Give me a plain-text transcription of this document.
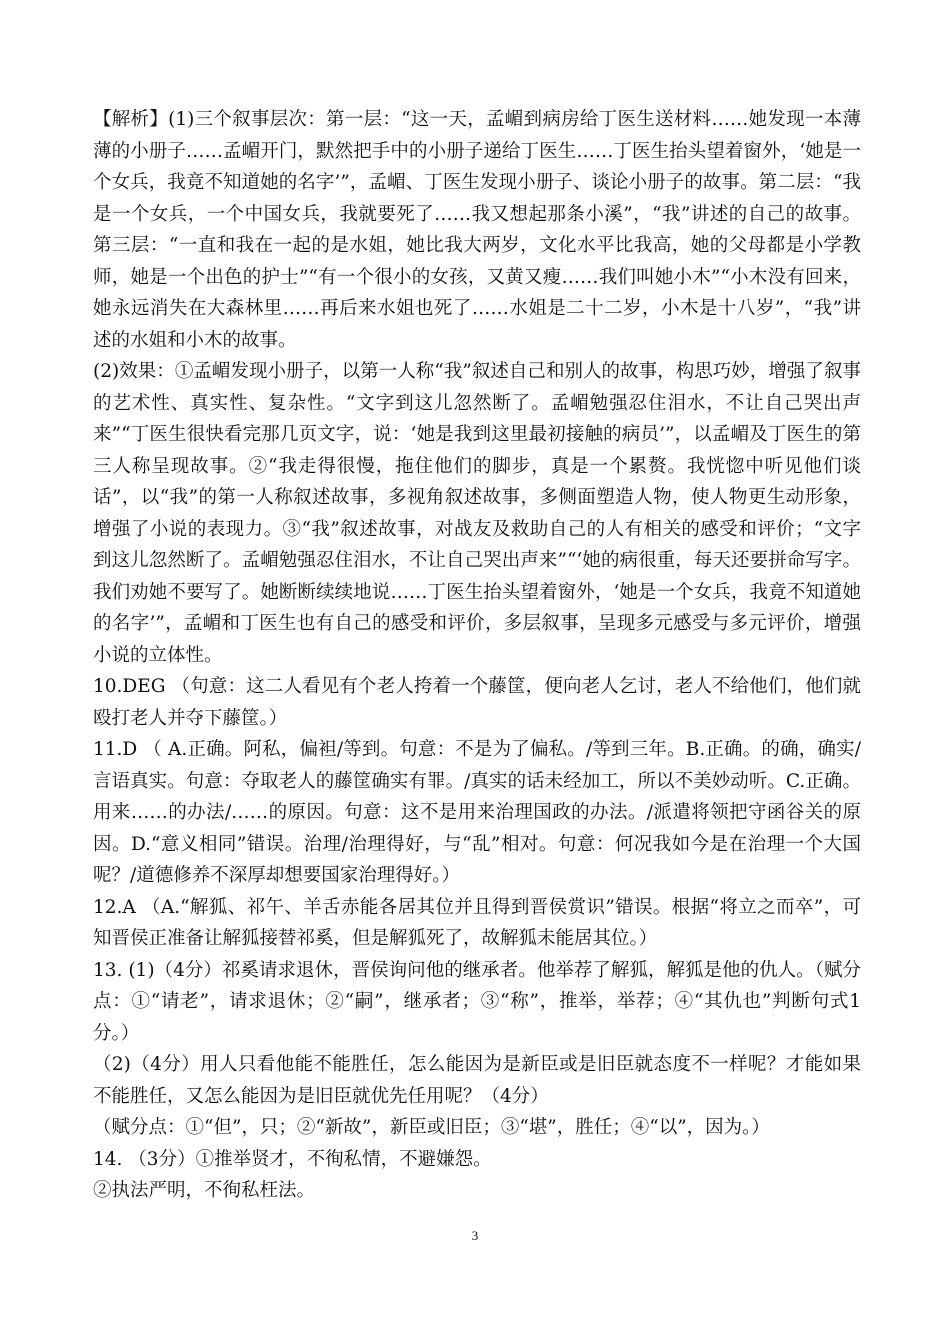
【解析】(1)三个叙事层次：第一层：“这一天，孟嵋到病房给丁医生送材料……她发现一本薄薄的小册子……孟嵋开门，默然把手中的小册子递给丁医生……丁医生抬头望着窗外，‘她是一个女兵，我竟不知道她的名字’”，孟嵋、丁医生发现小册子、谈论小册子的故事。第二层：“我是一个女兵，一个中国女兵，我就要死了……我又想起那条小溪”，“我”讲述的自己的故事。第三层：“一直和我在一起的是水姐，她比我大两岁，文化水平比我高，她的父母都是小学教师，她是一个出色的护士”“有一个很小的女孩，又黄又瘦……我们叫她小木”“小木没有回来，她永远消失在大森林里……再后来水姐也死了……水姐是二十二岁，小木是十八岁”，“我”讲述的水姐和小木的故事。

(2)效果：①孟嵋发现小册子，以第一人称“我”叙述自己和别人的故事，构思巧妙，增强了叙事的艺术性、真实性、复杂性。“文字到这儿忽然断了。孟嵋勉强忍住泪水，不让自己哭出声来”“丁医生很快看完那几页文字，说：‘她是我到这里最初接触的病员’”，以孟嵋及丁医生的第三人称呈现故事。②“我走得很慢，拖住他们的脚步，真是一个累赘。我恍惚中听见他们谈话”，以“我”的第一人称叙述故事，多视角叙述故事，多侧面塑造人物，使人物更生动形象，增强了小说的表现力。③“我”叙述故事，对战友及救助自己的人有相关的感受和评价；“文字到这儿忽然断了。孟嵋勉强忍住泪水，不让自己哭出声来”“‘她的病很重，每天还要拼命写字。我们劝她不要写了。她断断续续地说……丁医生抬头望着窗外，‘她是一个女兵，我竟不知道她的名字’”，孟嵋和丁医生也有自己的感受和评价，多层叙事，呈现多元感受与多元评价，增强小说的立体性。

10.DEG （句意：这二人看见有个老人挎着一个藤筐，便向老人乞讨，老人不给他们，他们就殴打老人并夺下藤筐。）

11.D （ A.正确。阿私，偏袒/等到。句意：不是为了偏私。/等到三年。B.正确。的确，确实/言语真实。句意：夺取老人的藤筐确实有罪。/真实的话未经加工，所以不美妙动听。C.正确。用来……的办法/……的原因。句意：这不是用来治理国政的办法。/派遣将领把守函谷关的原因。D.“意义相同”错误。治理/治理得好，与“乱”相对。句意：何况我如今是在治理一个大国呢？/道德修养不深厚却想要国家治理得好。）

12.A （A.“解狐、祁午、羊舌赤能各居其位并且得到晋侯赏识”错误。根据“将立之而卒”，可知晋侯正准备让解狐接替祁奚，但是解狐死了，故解狐未能居其位。）

13. (1)（4分）祁奚请求退休，晋侯询问他的继承者。他举荐了解狐，解狐是他的仇人。（赋分点：①“请老”，请求退休；②“嗣”，继承者；③“称”，推举，举荐；④“其仇也”判断句式1分。）

（2)（4分）用人只看他能不能胜任，怎么能因为是新臣或是旧臣就态度不一样呢？才能如果不能胜任，又怎么能因为是旧臣就优先任用呢？（4分）

（赋分点：①“但”，只；②“新故”，新臣或旧臣；③“堪”，胜任；④“以”，因为。）

14. （3分）①推举贤才，不徇私情，不避嫌怨。

②执法严明，不徇私枉法。

3
